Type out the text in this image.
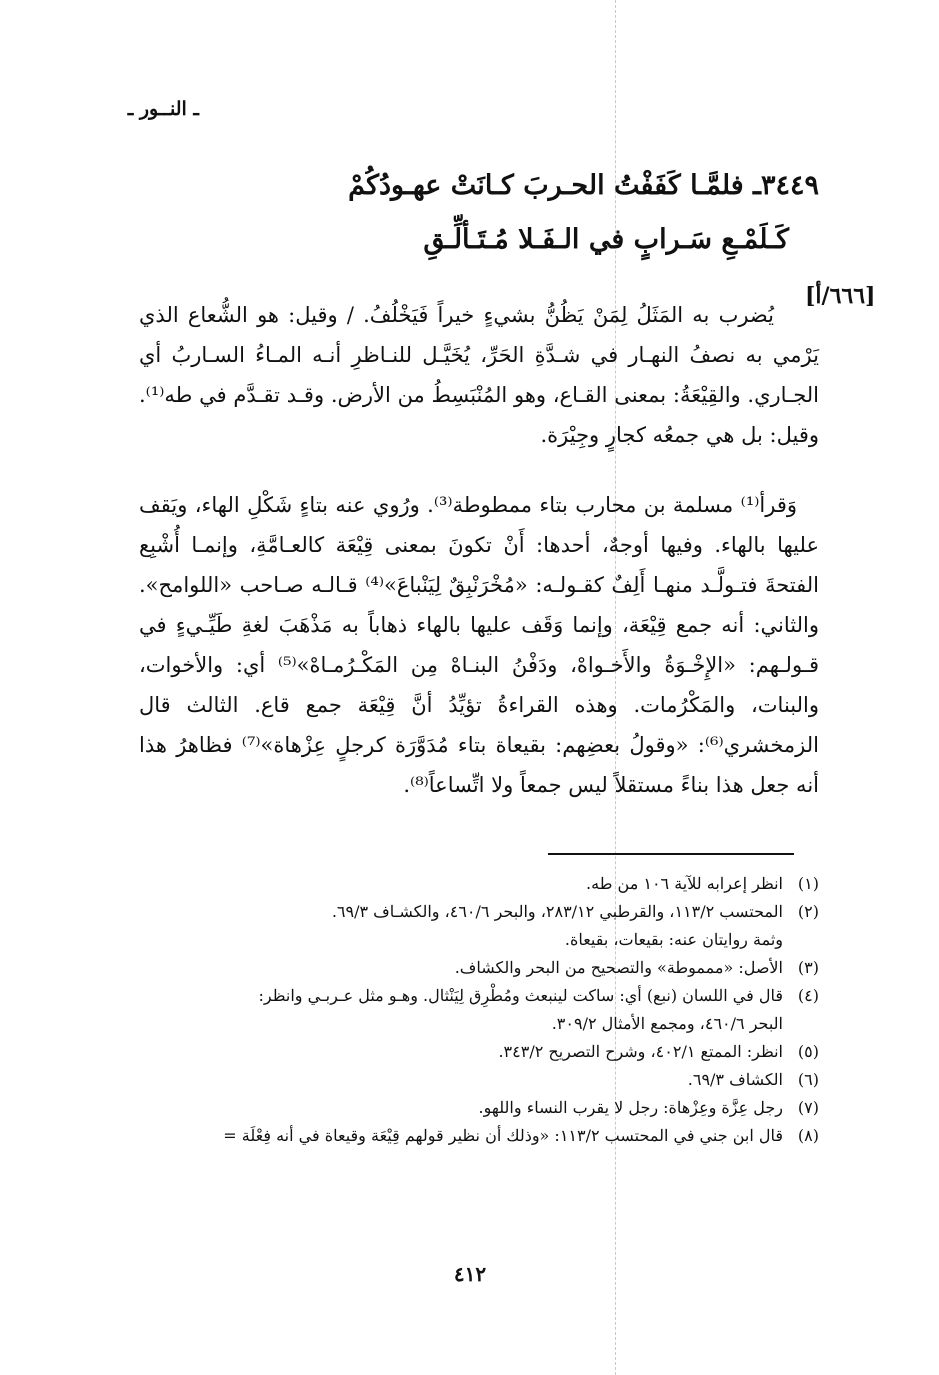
ـ النــور ـ
٣٤٤٩ـ فلمَّـا كَفَفْتُ الحـربَ كـانَتْ عهـودُكُمْ
كَـلَمْـعِ سَـرابٍ في الـفَـلا مُـتَـألِّـقِ
[٦٦٦/أ]

يُضرب به المَثَلُ لِمَنْ يَظُنُّ بشيءٍ خيراً فَيَخْلُفُ. / وقيل: هو الشُّعاع الذي يَرْمي به نصفُ النهـار في شـدَّةِ الحَرِّ، يُخَيَّـل للنـاظرِ أنـه المـاءُ السـاربُ أي الجـاري. والقِيْعَةُ: بمعنى القـاع، وهو المُنْبَسِطُ من الأرض. وقـد تقـدَّم في طه⁽¹⁾. وقيل: بل هي جمعُه كجارٍ وجِيْرَة.

وَقرأ⁽¹⁾ مسلمة بن محارب بتاء ممطوطة⁽³⁾. ورُوي عنه بتاءٍ شَكْلِ الهاء، ويَقف عليها بالهاء. وفيها أوجهٌ، أحدها: أَنْ تكونَ بمعنى قِيْعَة كالعـامَّةِ، وإنمـا أُشْبِع الفتحةَ فتـولَّـد منهـا أَلِفٌ كقـولـه: «مُخْرَنْبِقٌ لِيَنْباعَ»⁽⁴⁾ قـالـه صـاحب «اللوامح». والثاني: أنه جمع قِيْعَة، وإنما وَقَف عليها بالهاء ذهاباً به مَذْهَبَ لغةِ طَيِّـيءٍ في قـولـهم: «الإِخْـوَةُ والأَخـواهْ، ودَفْنُ البنـاهْ مِن المَكْـرُمـاهْ»⁽⁵⁾ أي: والأخوات، والبنات، والمَكْرُمات. وهذه القراءةُ تؤيِّدُ أنَّ قِيْعَة جمع قاع. الثالث قال الزمخشري⁽⁶⁾: «وقولُ بعضِهم: بقيعاة بتاء مُدَوَّرَة كرجلٍ عِزْهاة»⁽⁷⁾ فظاهرُ هذا أنه جعل هذا بناءً مستقلاً ليس جمعاً ولا اتِّساعاً⁽⁸⁾.

(١)
انظر إعرابه للآية ١٠٦ من طه.
(٢)
المحتسب ١١٣/٢، والقرطبي ٢٨٣/١٢، والبحر ٤٦٠/٦، والكشـاف ٦٩/٣.
وثمة روايتان عنه: بقيعات، بقيعاة.
(٣)
الأصل: «ممموطة» والتصحيح من البحر والكشاف.
(٤)
قال في اللسان (نبع) أي: ساكت لينبعث ومُطْرِق لِيَنْثال. وهـو مثل عـربـي وانظر:
البحر ٤٦٠/٦، ومجمع الأمثال ٣٠٩/٢.
(٥)
انظر: الممتع ٤٠٢/١، وشرح التصريح ٣٤٣/٢.
(٦)
الكشاف ٦٩/٣.
(٧)
رجل عِزَّة وعِزْهاة: رجل لا يقرب النساء واللهو.
(٨)
قال ابن جني في المحتسب ١١٣/٢: «وذلك أن نظير قولهم قِيْعَة وقيعاة في أنه فِعْلَة =
٤١٢
